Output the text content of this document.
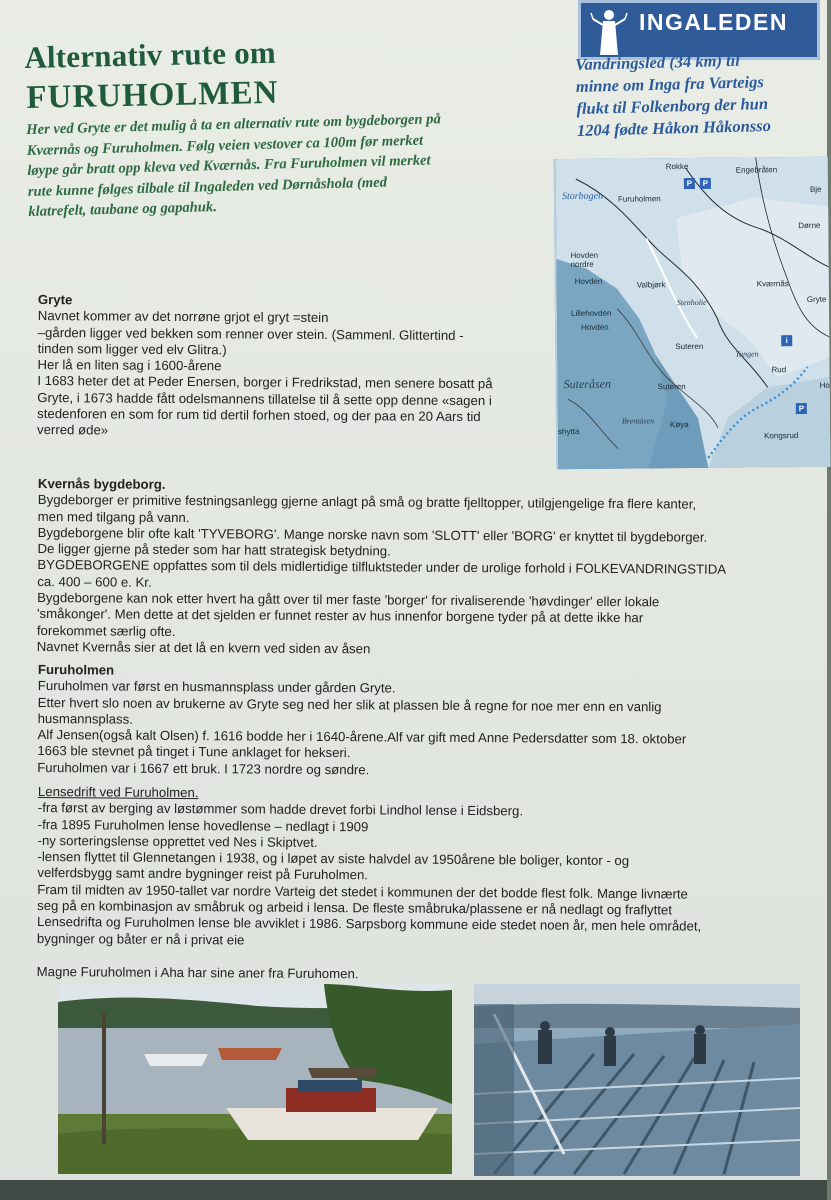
Alternativ rute om
FURUHOLMEN

Her ved Gryte er det mulig å ta en alternativ rute om bygdeborgen på

Kværnås og Furuholmen. Følg veien vestover ca 100m før merket

løype går bratt opp kleva ved Kværnås. Fra Furuholmen vil merket

rute kunne følges tilbale til Ingaleden ved Dørnåshola (med

klatrefelt, taubane og gapahuk.

INGALEDEN
Vandringsled (34 km) til
minne om Inga fra Varteigs
flukt til Folkenborg der hun
1204 fødte Håkon Håkonsso
Rokke	Engebråten
Bje
Storbogen Furuholmen
Dørne
Hovden nordre
Hovden	Valbjørk
Stenholie
Lillehovden
Hovden
Kværnås
Gryte
Suteren
Tangen
Suteråsen	Suteren
Rud
Ho
Brentåsen Køya
shytta	Kongsrud
P	P
i
P

Gryte

Navnet kommer av det norrøne grjot el gryt =stein

–gården ligger ved bekken som renner over stein. (Sammenl. Glittertind -

tinden som ligger ved elv Glitra.)

Her lå en liten sag i 1600-årene

I 1683 heter det at Peder Enersen, borger i Fredrikstad, men senere bosatt på

Gryte, i 1673 hadde fått odelsmannens tillatelse til å sette opp denne «sagen i

stedenforen en som for rum tid dertil forhen stoed, og der paa en 20 Aars tid

verred øde»

Kvernås bygdeborg.

Bygdeborger er primitive festningsanlegg gjerne anlagt på små og bratte fjelltopper, utilgjengelige fra flere kanter,

men med tilgang på vann.

Bygdeborgene blir ofte kalt 'TYVEBORG'. Mange norske navn som 'SLOTT' eller 'BORG' er knyttet til bygdeborger.

De ligger gjerne på steder som har hatt strategisk betydning.

BYGDEBORGENE oppfattes som til dels midlertidige tilfluktsteder under de urolige forhold i FOLKEVANDRINGSTIDA

ca. 400 – 600 e. Kr.

Bygdeborgene kan nok etter hvert ha gått over til mer faste 'borger' for rivaliserende 'høvdinger' eller lokale

'småkonger'. Men dette at det sjelden er funnet rester av hus innenfor borgene tyder på at dette ikke har

forekommet særlig ofte.

Navnet Kvernås sier at det lå en kvern ved siden av åsen

Furuholmen

Furuholmen var først en husmannsplass under gården Gryte.

Etter hvert slo noen av brukerne av Gryte seg ned her slik at plassen ble å regne for noe mer enn en vanlig

husmannsplass.

Alf Jensen(også kalt Olsen) f. 1616 bodde her i 1640-årene.Alf var gift med Anne Pedersdatter som 18. oktober

1663 ble stevnet på tinget i Tune anklaget for hekseri.

Furuholmen var i 1667 ett bruk. I 1723 nordre og søndre.

Lensedrift ved Furuholmen.

-fra først av berging av løstømmer som hadde drevet forbi Lindhol lense i Eidsberg.

-fra 1895 Furuholmen lense hovedlense – nedlagt i 1909

-ny sorteringslense opprettet ved Nes i Skiptvet.

-lensen flyttet til Glennetangen i 1938, og i løpet av siste halvdel av 1950årene ble boliger, kontor - og

velferdsbygg samt andre bygninger reist på Furuholmen.

Fram til midten av 1950-tallet var nordre Varteig det stedet i kommunen der det bodde flest folk. Mange livnærte

seg på en kombinasjon av småbruk og arbeid i lensa. De fleste småbruka/plassene er nå nedlagt og fraflyttet

Lensedrifta og Furuholmen lense ble avviklet i 1986. Sarpsborg kommune eide stedet noen år, men hele området,

bygninger og båter er nå i privat eie

Magne Furuholmen i Aha har sine aner fra Furuhomen.
